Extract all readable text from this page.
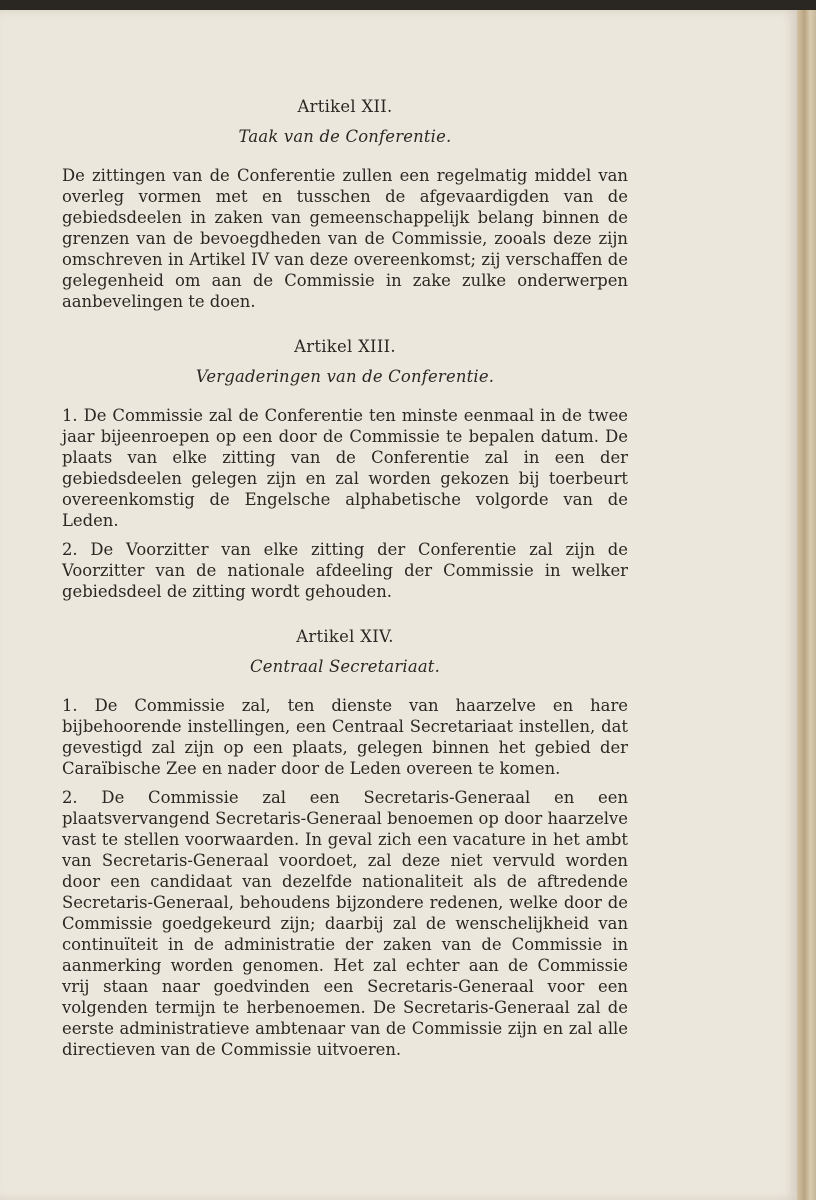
Artikel XII.

Taak van de Conferentie.

De zittingen van de Conferentie zullen een regelmatig middel van overleg vormen met en tusschen de afgevaardigden van de gebiedsdeelen in zaken van gemeenschappelijk belang binnen de grenzen van de bevoegdheden van de Commissie, zooals deze zijn omschreven in Artikel IV van deze overeenkomst; zij verschaffen de gelegenheid om aan de Commissie in zake zulke onderwerpen aanbevelingen te doen.

Artikel XIII.

Vergaderingen van de Conferentie.

1. De Commissie zal de Conferentie ten minste eenmaal in de twee jaar bijeenroepen op een door de Commissie te bepalen datum. De plaats van elke zitting van de Conferentie zal in een der gebiedsdeelen gelegen zijn en zal worden gekozen bij toerbeurt overeenkomstig de Engelsche alphabetische volgorde van de Leden.

2. De Voorzitter van elke zitting der Conferentie zal zijn de Voorzitter van de nationale afdeeling der Commissie in welker gebiedsdeel de zitting wordt gehouden.

Artikel XIV.

Centraal Secretariaat.

1. De Commissie zal, ten dienste van haarzelve en hare bijbehoorende instellingen, een Centraal Secretariaat instellen, dat gevestigd zal zijn op een plaats, gelegen binnen het gebied der Caraïbische Zee en nader door de Leden overeen te komen.

2. De Commissie zal een Secretaris-Generaal en een plaatsvervangend Secretaris-Generaal benoemen op door haarzelve vast te stellen voorwaarden. In geval zich een vacature in het ambt van Secretaris-Generaal voordoet, zal deze niet vervuld worden door een candidaat van dezelfde nationaliteit als de aftredende Secretaris-Generaal, behoudens bijzondere redenen, welke door de Commissie goedgekeurd zijn; daarbij zal de wenschelijkheid van continuïteit in de administratie der zaken van de Commissie in aanmerking worden genomen. Het zal echter aan de Commissie vrij staan naar goedvinden een Secretaris-Generaal voor een volgenden termijn te herbenoemen. De Secretaris-Generaal zal de eerste administratieve ambtenaar van de Commissie zijn en zal alle directieven van de Commissie uitvoeren.
